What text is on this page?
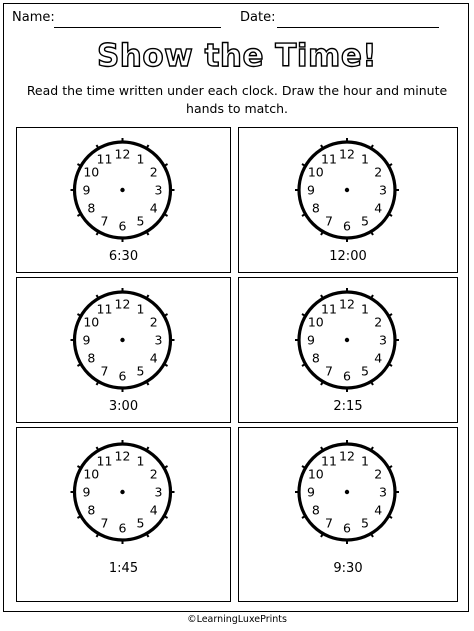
Name:	Date:
Show the Time!
Read the time written under each clock. Draw the hour and minute hands to match.
12 1
2
3
4
5
6
7
8
9
10
11
6:30
12 1
2
3
4
5
6
7
8
9
10
11
12:00
12 1
2
3
4
5
6
7
8
9
10
11
3:00
12 1
2
3
4
5
6
7
8
9
10
11
2:15
12 1
2
3
4
5
6
7
8
9
10
11
1:45
12 1
2
3
4
5
6
7
8
9
10
11
9:30
©LearningLuxePrints
